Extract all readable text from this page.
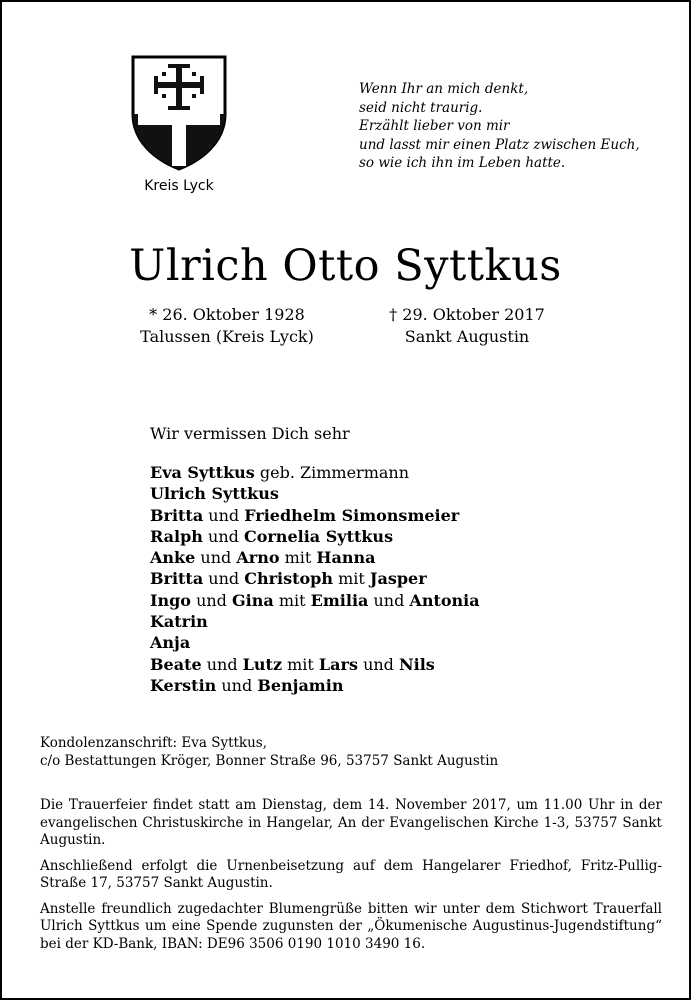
Kreis Lyck
Wenn Ihr an mich denkt,
seid nicht traurig.
Erzählt lieber von mir
und lasst mir einen Platz zwischen Euch,
so wie ich ihn im Leben hatte.
Ulrich Otto Syttkus
* 26. Oktober 1928
Talussen (Kreis Lyck)
† 29. Oktober 2017
Sankt Augustin
Wir vermissen Dich sehr
Eva Syttkus geb. Zimmermann
Ulrich Syttkus
Britta und Friedhelm Simonsmeier
Ralph und Cornelia Syttkus
Anke und Arno mit Hanna
Britta und Christoph mit Jasper
Ingo und Gina mit Emilia und Antonia
Katrin
Anja
Beate und Lutz mit Lars und Nils
Kerstin und Benjamin
Kondolenzanschrift: Eva Syttkus,
c/o Bestattungen Kröger, Bonner Straße 96, 53757 Sankt Augustin

Die Trauerfeier findet statt am Dienstag, dem 14. November 2017, um 11.00 Uhr in der evangelischen Christuskirche in Hangelar, An der Evangelischen Kirche 1-3, 53757 Sankt Augustin.

Anschließend erfolgt die Urnenbeisetzung auf dem Hangelarer Friedhof, Fritz-Pullig-Straße 17, 53757 Sankt Augustin.

Anstelle freundlich zugedachter Blumengrüße bitten wir unter dem Stichwort Trauerfall Ulrich Syttkus um eine Spende zugunsten der „Ökumenische Augustinus-Jugendstiftung“ bei der KD-Bank, IBAN: DE96 3506 0190 1010 3490 16.
